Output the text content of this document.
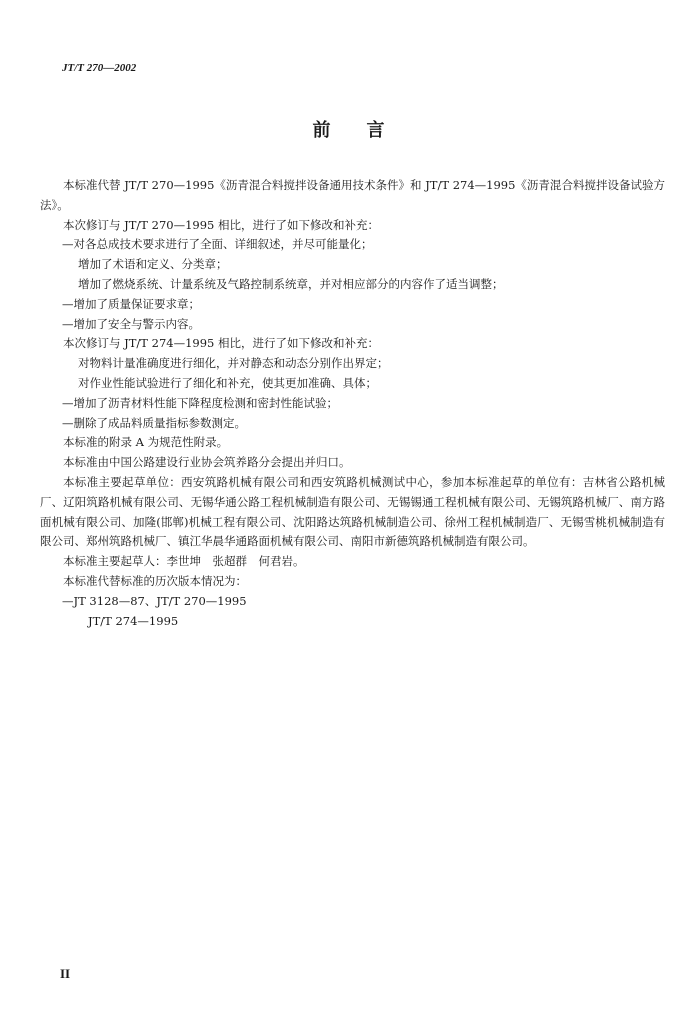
JT/T 270—2002
前言

本标准代替 JT/T 270—1995《沥青混合料搅拌设备通用技术条件》和 JT/T 274—1995《沥青混合料搅拌设备试验方法》。

本次修订与 JT/T 270—1995 相比，进行了如下修改和补充：

—对各总成技术要求进行了全面、详细叙述，并尽可能量化；

增加了术语和定义、分类章；

增加了燃烧系统、计量系统及气路控制系统章，并对相应部分的内容作了适当调整；

—增加了质量保证要求章；

—增加了安全与警示内容。

本次修订与 JT/T 274—1995 相比，进行了如下修改和补充：

对物料计量准确度进行细化，并对静态和动态分别作出界定；

对作业性能试验进行了细化和补充，使其更加准确、具体；

—增加了沥青材料性能下降程度检测和密封性能试验；

—删除了成品料质量指标参数测定。

本标准的附录 A 为规范性附录。

本标准由中国公路建设行业协会筑养路分会提出并归口。

本标准主要起草单位：西安筑路机械有限公司和西安筑路机械测试中心，参加本标准起草的单位有：吉林省公路机械厂、辽阳筑路机械有限公司、无锡华通公路工程机械制造有限公司、无锡锡通工程机械有限公司、无锡筑路机械厂、南方路面机械有限公司、加隆(邯郸)机械工程有限公司、沈阳路达筑路机械制造公司、徐州工程机械制造厂、无锡雪桃机械制造有限公司、郑州筑路机械厂、镇江华晨华通路面机械有限公司、南阳市新德筑路机械制造有限公司。

本标准主要起草人：李世坤　张超群　何君岩。

本标准代替标准的历次版本情况为：

—JT 3128—87、JT/T 270—1995

JT/T 274—1995

II
